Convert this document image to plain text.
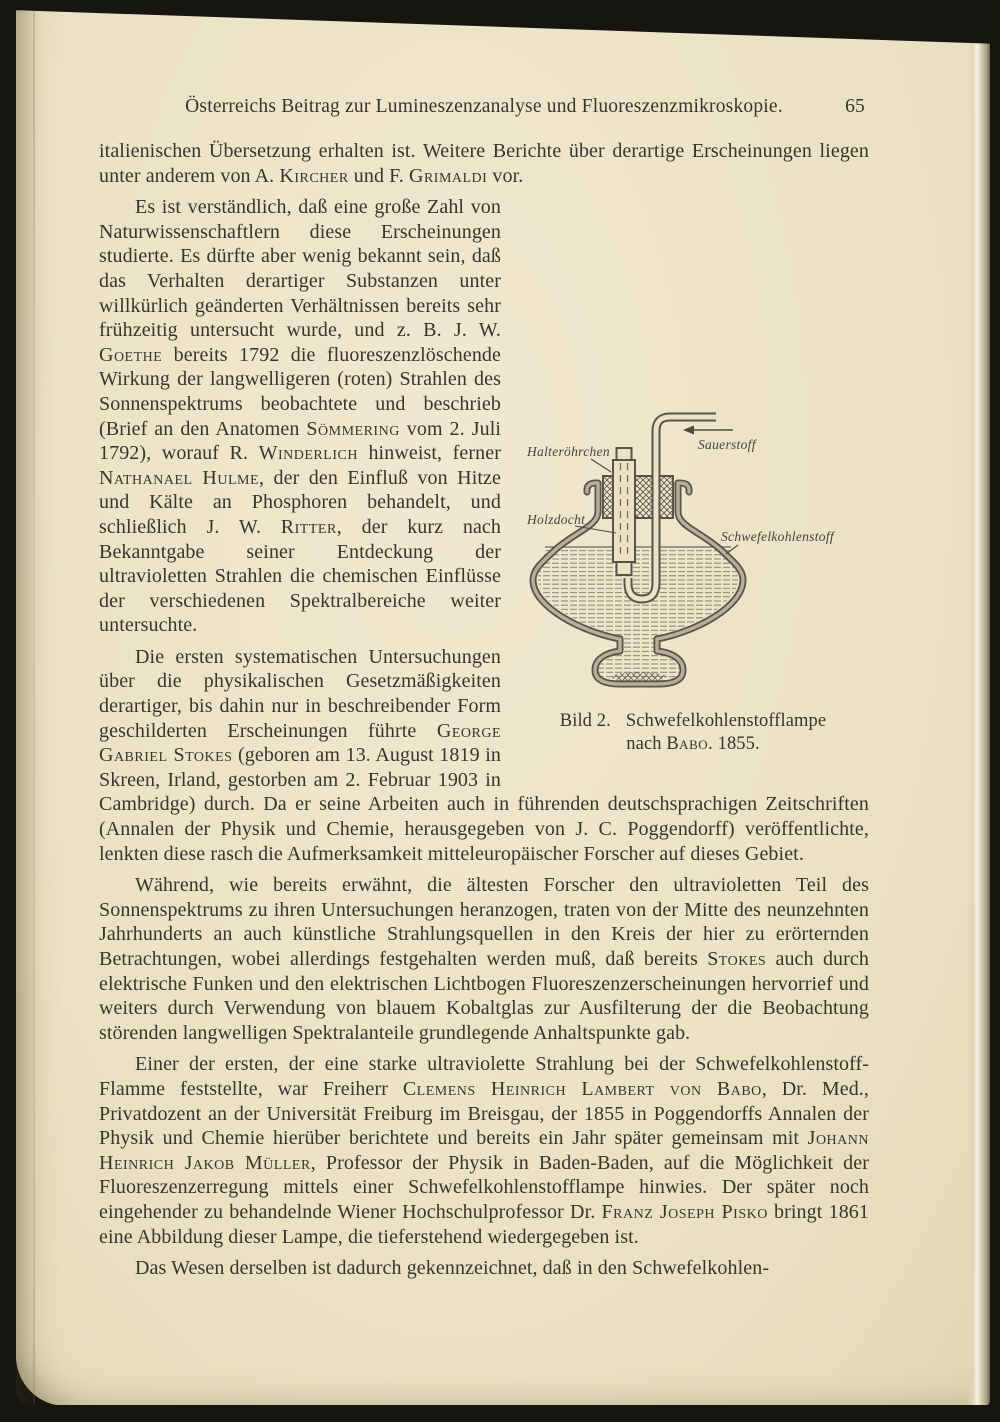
Österreichs Beitrag zur Lumineszenzanalyse und Fluoreszenzmikroskopie.	65

italienischen Übersetzung erhalten ist. Weitere Berichte über derartige Erscheinungen liegen unter anderem von A. Kircher und F. Grimaldi vor.

Halteröhrchen	Sauerstoff
Holzdocht
Schwefelkohlenstoff
Bild 2. Schwefelkohlenstofflampe
nach Babo. 1855.

Es ist verständlich, daß eine große Zahl von Naturwissenschaftlern diese Erscheinungen studierte. Es dürfte aber wenig bekannt sein, daß das Verhalten derartiger Substanzen unter willkürlich geänderten Verhältnissen bereits sehr frühzeitig untersucht wurde, und z. B. J. W. Goethe bereits 1792 die fluoreszenzlöschende Wirkung der langwelligeren (roten) Strahlen des Sonnenspektrums beobachtete und beschrieb (Brief an den Anatomen Sömmering vom 2. Juli 1792), worauf R. Winderlich hinweist, ferner Nathanael Hulme, der den Einfluß von Hitze und Kälte an Phosphoren behandelt, und schließlich J. W. Ritter, der kurz nach Bekanntgabe seiner Entdeckung der ultravioletten Strahlen die chemischen Einflüsse der verschiedenen Spektralbereiche weiter untersuchte.

Die ersten systematischen Untersuchungen über die physikalischen Gesetzmäßigkeiten derartiger, bis dahin nur in beschreibender Form geschilderten Erscheinungen führte George Gabriel Stokes (geboren am 13. August 1819 in Skreen, Irland, gestorben am 2. Februar 1903 in Cambridge) durch. Da er seine Arbeiten auch in führenden deutschsprachigen Zeitschriften (Annalen der Physik und Chemie, herausgegeben von J. C. Poggendorff) veröffentlichte, lenkten diese rasch die Aufmerksamkeit mitteleuropäischer Forscher auf dieses Gebiet.

Während, wie bereits erwähnt, die ältesten Forscher den ultravioletten Teil des Sonnenspektrums zu ihren Untersuchungen heranzogen, traten von der Mitte des neunzehnten Jahrhunderts an auch künstliche Strahlungsquellen in den Kreis der hier zu erörternden Betrachtungen, wobei allerdings festgehalten werden muß, daß bereits Stokes auch durch elektrische Funken und den elektrischen Lichtbogen Fluoreszenzerscheinungen hervorrief und weiters durch Verwendung von blauem Kobaltglas zur Ausfilterung der die Beobachtung störenden langwelligen Spektralanteile grundlegende Anhaltspunkte gab.

Einer der ersten, der eine starke ultraviolette Strahlung bei der Schwefelkohlenstoff-Flamme feststellte, war Freiherr Clemens Heinrich Lambert von Babo, Dr. Med., Privatdozent an der Universität Freiburg im Breisgau, der 1855 in Poggendorffs Annalen der Physik und Chemie hierüber berichtete und bereits ein Jahr später gemeinsam mit Johann Heinrich Jakob Müller, Professor der Physik in Baden-Baden, auf die Möglichkeit der Fluoreszenzerregung mittels einer Schwefelkohlenstofflampe hinwies. Der später noch eingehender zu behandelnde Wiener Hochschulprofessor Dr. Franz Joseph Pisko bringt 1861 eine Abbildung dieser Lampe, die tieferstehend wiedergegeben ist.

Das Wesen derselben ist dadurch gekennzeichnet, daß in den Schwefelkohlen-
